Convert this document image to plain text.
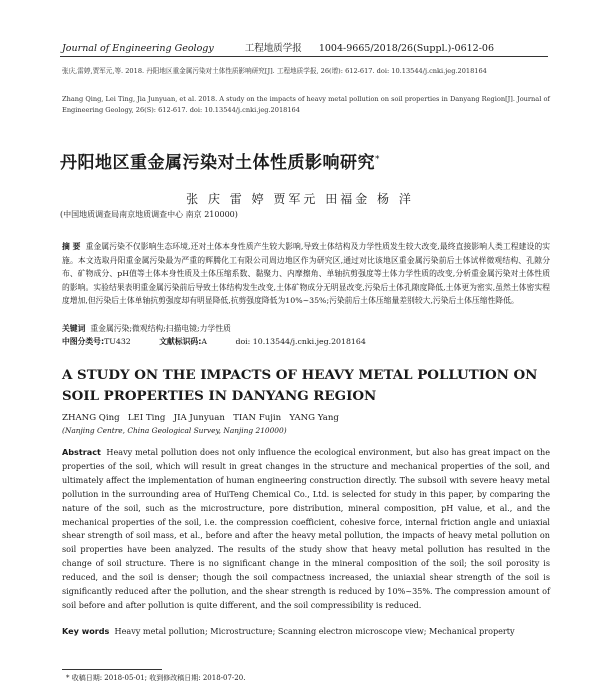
Journal of Engineering Geology	工程地质学报 1004-9665/2018/26(Suppl.)-0612-06
张庆,雷婷,贾军元,等. 2018. 丹阳地区重金属污染对土体性质影响研究[J]. 工程地质学报, 26(增): 612-617. doi: 10.13544/j.cnki.jeg.2018164
Zhang Qing, Lei Ting, Jia Junyuan, et al. 2018. A study on the impacts of heavy metal pollution on soil properties in Danyang Region[J]. Journal of Engineering Geology, 26(S): 612-617. doi: 10.13544/j.cnki.jeg.2018164
丹阳地区重金属污染对土体性质影响研究*
张 庆 雷 婷 贾军元 田福金 杨 洋
(中国地质调查局南京地质调查中心 南京 210000)
摘 要 重金属污染不仅影响生态环境,还对土体本身性质产生较大影响,导致土体结构及力学性质发生较大改变,最终直接影响人类工程建设的实施。本文选取丹阳重金属污染最为严重的辉腾化工有限公司周边地区作为研究区,通过对比该地区重金属污染前后土体试样微观结构、孔隙分布、矿物成分、pH值等土体本身性质及土体压缩系数、黏聚力、内摩擦角、单轴抗剪强度等土体力学性质的改变,分析重金属污染对土体性质的影响。实验结果表明重金属污染前后导致土体结构发生改变,土体矿物成分无明显改变,污染后土体孔隙度降低,土体更为密实,虽然土体密实程度增加,但污染后土体单轴抗剪强度却有明显降低,抗剪强度降低为10%~35%;污染前后土体压缩量差别较大,污染后土体压缩性降低。
关键词 重金属污染;微观结构;扫描电镜;力学性质
中图分类号:TU432	文献标识码:A	doi: 10.13544/j.cnki.jeg.2018164
A STUDY ON THE IMPACTS OF HEAVY METAL POLLUTION ON SOIL PROPERTIES IN DANYANG REGION
ZHANG Qing   LEI Ting   JIA Junyuan   TIAN Fujin   YANG Yang
(Nanjing Centre, China Geological Survey, Nanjing 210000)
Abstract Heavy metal pollution does not only influence the ecological environment, but also has great impact on the properties of the soil, which will result in great changes in the structure and mechanical properties of the soil, and ultimately affect the implementation of human engineering construction directly. The subsoil with severe heavy metal pollution in the surrounding area of HuiTeng Chemical Co., Ltd. is selected for study in this paper, by comparing the nature of the soil, such as the microstructure, pore distribution, mineral composition, pH value, et al., and the mechanical properties of the soil, i.e. the compression coefficient, cohesive force, internal friction angle and uniaxial shear strength of soil mass, et al., before and after the heavy metal pollution, the impacts of heavy metal pollution on soil properties have been analyzed. The results of the study show that heavy metal pollution has resulted in the change of soil structure. There is no significant change in the mineral composition of the soil; the soil porosity is reduced, and the soil is denser; though the soil compactness increased, the uniaxial shear strength of the soil is significantly reduced after the pollution, and the shear strength is reduced by 10%~35%. The compression amount of soil before and after pollution is quite different, and the soil compressibility is reduced.
Key words Heavy metal pollution; Microstructure; Scanning electron microscope view; Mechanical property
* 收稿日期: 2018-05-01; 收到修改稿日期: 2018-07-20.
